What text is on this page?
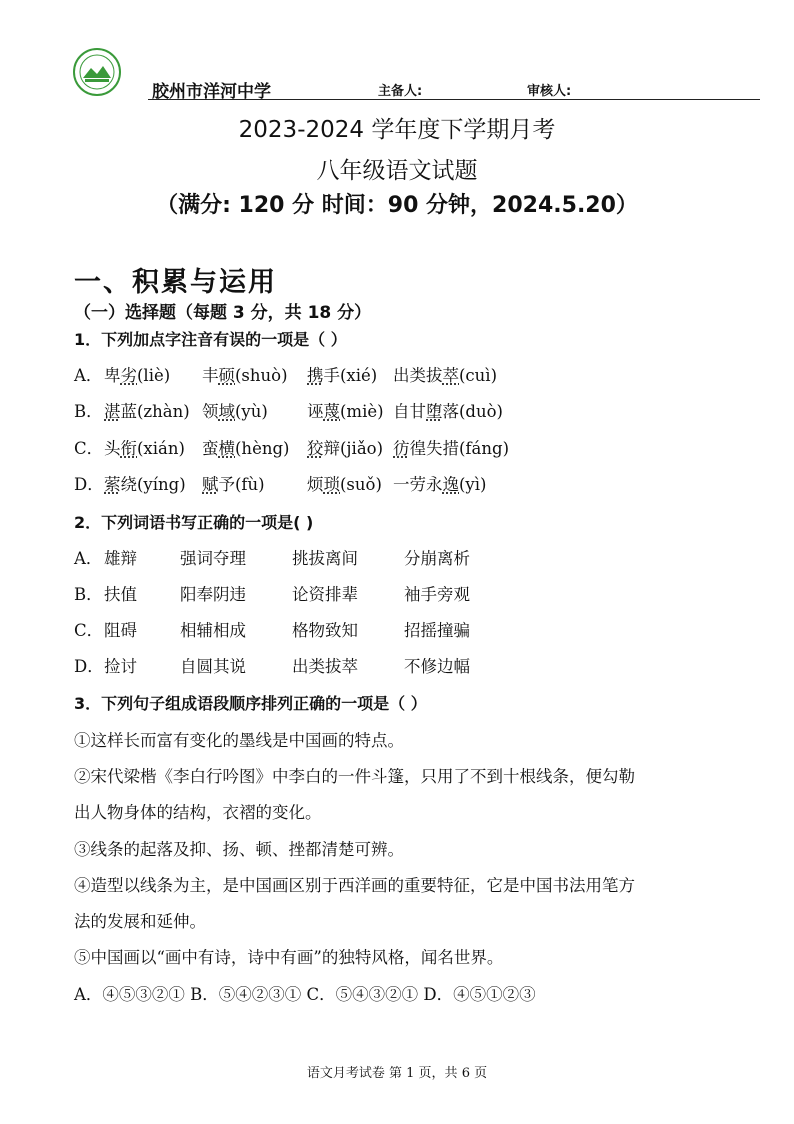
胶州市洋河中学	主备人:	审核人:
2023-2024 学年度下学期月考
八年级语文试题
（满分: 120 分 时间：90 分钟，2024.5.20）
一、积累与运用
（一）选择题（每题 3 分，共 18 分）
1．下列加点字注音有误的一项是（ ）
A． 卑劣(liè) 丰硕(shuò) 携手(xié) 出类拔萃(cuì)
B． 湛蓝(zhàn) 领域(yù) 诬蔑(miè) 自甘堕落(duò)
C． 头衔(xián) 蛮横(hèng) 狡辩(jiǎo) 彷徨失措(fáng)
D． 萦绕(yíng) 赋予(fù)	烦琐(suǒ) 一劳永逸(yì)
2．下列词语书写正确的一项是( )
A． 雄辩	强词夺理	挑拔离间	分崩离析
B． 扶值	阳奉阴违	论资排辈	袖手旁观
C． 阻碍	相辅相成	格物致知	招摇撞骗
D． 捡讨	自圆其说	出类拔萃	不修边幅
3．下列句子组成语段顺序排列正确的一项是（ ）
①这样长而富有变化的墨线是中国画的特点。
②宋代梁楷《李白行吟图》中李白的一件斗篷，只用了不到十根线条，便勾勒
出人物身体的结构，衣褶的变化。
③线条的起落及抑、扬、顿、挫都清楚可辨。
④造型以线条为主，是中国画区别于西洋画的重要特征，它是中国书法用笔方
法的发展和延伸。
⑤中国画以“画中有诗，诗中有画”的独特风格，闻名世界。
A．④⑤③②① B．⑤④②③① C．⑤④③②① D．④⑤①②③
语文月考试卷 第 1 页，共 6 页
